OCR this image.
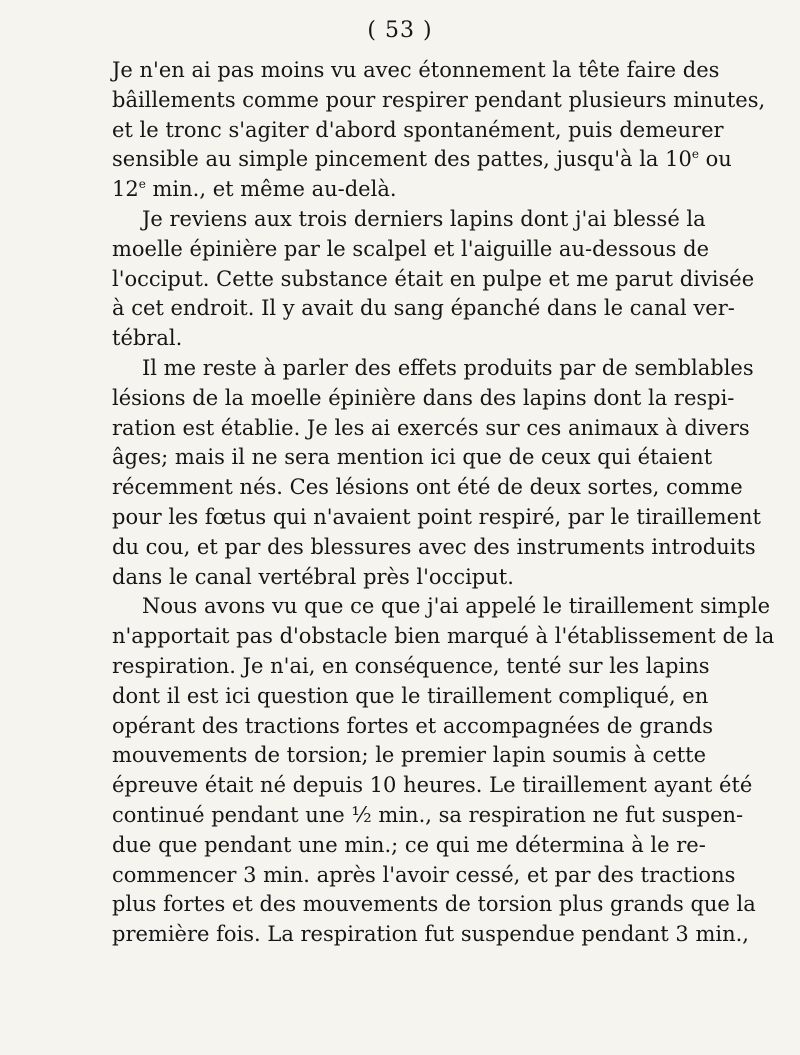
( 53 )
Je n'en ai pas moins vu avec étonnement la tête faire des
bâillements comme pour respirer pendant plusieurs minutes,
et le tronc s'agiter d'abord spontanément, puis demeurer
sensible au simple pincement des pattes, jusqu'à la 10e ou
12e min., et même au-delà.
Je reviens aux trois derniers lapins dont j'ai blessé la
moelle épinière par le scalpel et l'aiguille au-dessous de
l'occiput. Cette substance était en pulpe et me parut divisée
à cet endroit. Il y avait du sang épanché dans le canal ver-
tébral.
Il me reste à parler des effets produits par de semblables
lésions de la moelle épinière dans des lapins dont la respi-
ration est établie. Je les ai exercés sur ces animaux à divers
âges; mais il ne sera mention ici que de ceux qui étaient
récemment nés. Ces lésions ont été de deux sortes, comme
pour les fœtus qui n'avaient point respiré, par le tiraillement
du cou, et par des blessures avec des instruments introduits
dans le canal vertébral près l'occiput.
Nous avons vu que ce que j'ai appelé le tiraillement simple
n'apportait pas d'obstacle bien marqué à l'établissement de la
respiration. Je n'ai, en conséquence, tenté sur les lapins
dont il est ici question que le tiraillement compliqué, en
opérant des tractions fortes et accompagnées de grands
mouvements de torsion; le premier lapin soumis à cette
épreuve était né depuis 10 heures. Le tiraillement ayant été
continué pendant une ½ min., sa respiration ne fut suspen-
due que pendant une min.; ce qui me détermina à le re-
commencer 3 min. après l'avoir cessé, et par des tractions
plus fortes et des mouvements de torsion plus grands que la
première fois. La respiration fut suspendue pendant 3 min.,
